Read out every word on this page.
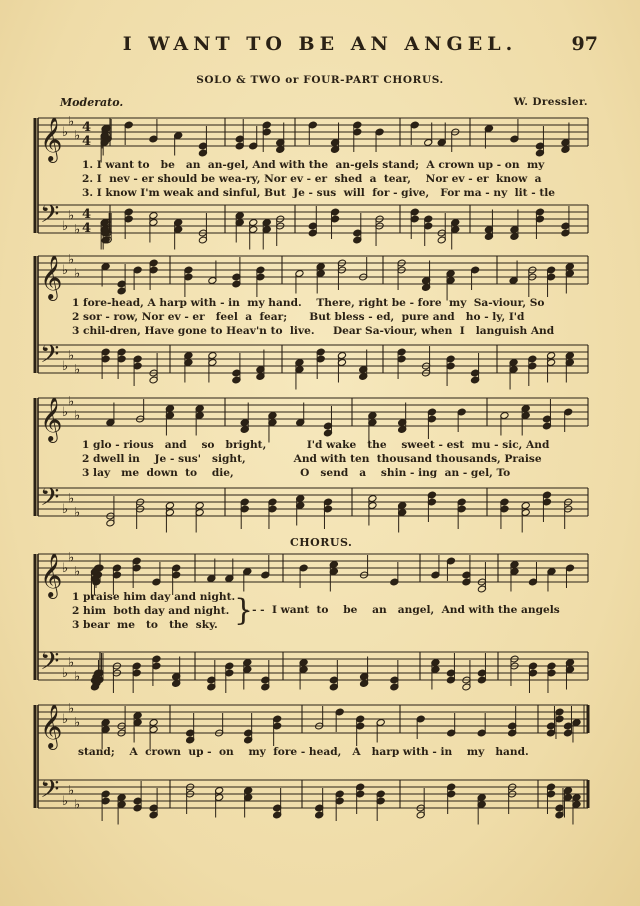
I WANT TO BE AN ANGEL.	97
SOLO & TWO or FOUR-PART CHORUS.
Moderato.	W. Dressler.
𝄞 ♭
♭
♭
4
4
𝄢 ♭
♭
♭
4
4
𝄞 ♭
♭
♭
𝄢 ♭
♭
♭
𝄞 ♭
♭
♭
𝄢 ♭
♭
♭
𝄞 ♭
♭
♭
𝄢 ♭
♭
♭
𝄞 ♭
♭
♭
𝄢 ♭
♭
♭
1. I want to   be   an  an-gel, And with the  an-gels stand;  A crown up - on  my
2. I  nev - er should be wea-ry, Nor ev - er  shed  a  tear,    Nor ev - er  know  a
3. I know I'm weak and sinful, But  Je - sus  will  for - give,   For ma - ny  lit - tle
1 fore-head, A harp with - in  my hand.    There, right be - fore  my  Sa-viour, So
2 sor - row, Nor ev - er   feel  a  fear;      But bless - ed,  pure and   ho - ly, I'd
3 chil-dren, Have gone to Heav'n to  live.     Dear Sa-viour, when  I   languish And
1 glo - rious   and    so   bright,           I'd wake   the    sweet - est  mu - sic, And
2 dwell in    Je - sus'   sight,             And with ten  thousand thousands, Praise
3 lay   me  down  to    die,                  O   send   a    shin - ing  an - gel, To
CHORUS.
1 praise him day and night.
2 him  both day and night.
3 bear  me   to   the  sky. }
- - -  I want  to    be    an   angel,  And with the angels
stand;    A  crown  up -  on    my  fore - head,   A   harp with - in    my   hand.
